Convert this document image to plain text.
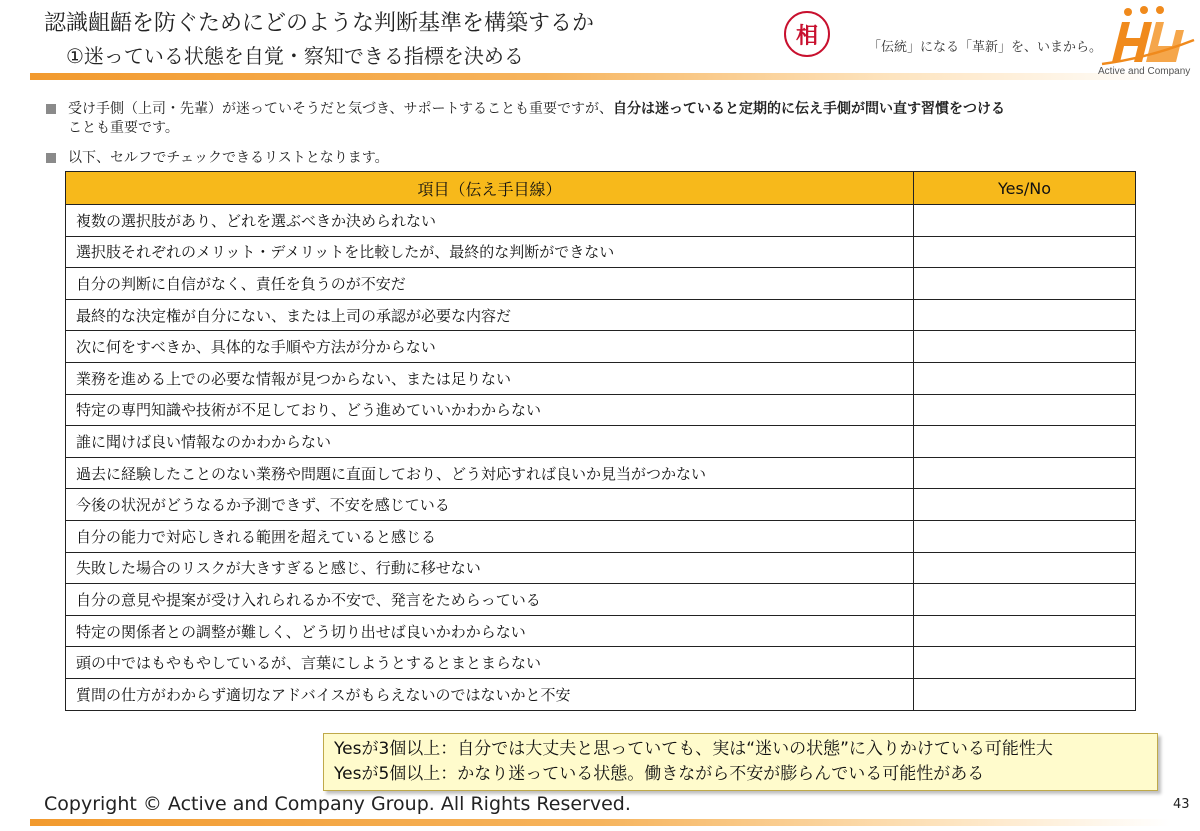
認識齟齬を防ぐためにどのような判断基準を構築するか
①迷っている状態を自覚・察知できる指標を決める
相	「伝統」になる「革新」を、いまから。
Active and Company
受け手側（上司・先輩）が迷っていそうだと気づき、サポートすることも重要ですが、自分は迷っていると定期的に伝え手側が問い直す習慣をつける
ことも重要です。
以下、セルフでチェックできるリストとなります。
項目（伝え手目線）	Yes/No
複数の選択肢があり、どれを選ぶべきか決められない	
選択肢それぞれのメリット・デメリットを比較したが、最終的な判断ができない	
自分の判断に自信がなく、責任を負うのが不安だ	
最終的な決定権が自分にない、または上司の承認が必要な内容だ	
次に何をすべきか、具体的な手順や方法が分からない	
業務を進める上での必要な情報が見つからない、または足りない	
特定の専門知識や技術が不足しており、どう進めていいかわからない	
誰に聞けば良い情報なのかわからない	
過去に経験したことのない業務や問題に直面しており、どう対応すれば良いか見当がつかない	
今後の状況がどうなるか予測できず、不安を感じている	
自分の能力で対応しきれる範囲を超えていると感じる	
失敗した場合のリスクが大きすぎると感じ、行動に移せない	
自分の意見や提案が受け入れられるか不安で、発言をためらっている	
特定の関係者との調整が難しく、どう切り出せば良いかわからない	
頭の中ではもやもやしているが、言葉にしようとするとまとまらない	
質問の仕方がわからず適切なアドバイスがもらえないのではないかと不安	
Yesが3個以上：自分では大丈夫と思っていても、実は“迷いの状態”に入りかけている可能性大
Yesが5個以上：かなり迷っている状態。働きながら不安が膨らんでいる可能性がある
Copyright © Active and Company Group. All Rights Reserved.	43
